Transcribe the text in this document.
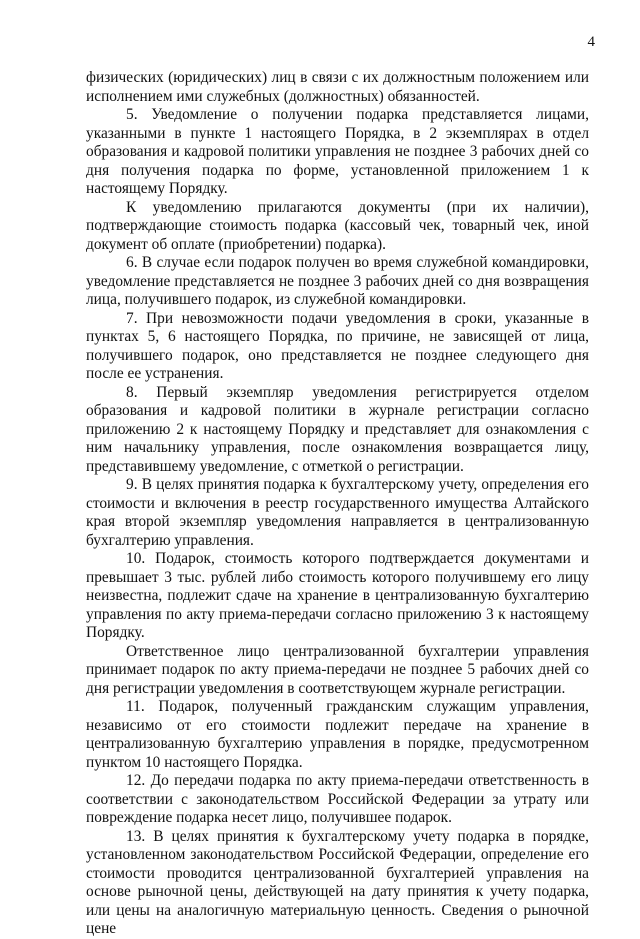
4

физических (юридических) лиц в связи с их должностным положением или исполнением ими служебных (должностных) обязанностей.

5. Уведомление о получении подарка представляется лицами, указанными в пункте 1 настоящего Порядка, в 2 экземплярах в отдел образования и кадровой политики управления не позднее 3 рабочих дней со дня получения подарка по форме, установленной приложением 1 к настоящему Порядку.

К уведомлению прилагаются документы (при их наличии), подтверждающие стоимость подарка (кассовый чек, товарный чек, иной документ об оплате (приобретении) подарка).

6. В случае если подарок получен во время служебной командировки, уведомление представляется не позднее 3 рабочих дней со дня возвращения лица, получившего подарок, из служебной командировки.

7. При невозможности подачи уведомления в сроки, указанные в пунктах 5, 6 настоящего Порядка, по причине, не зависящей от лица, получившего подарок, оно представляется не позднее следующего дня после ее устранения.

8. Первый экземпляр уведомления регистрируется отделом образования и кадровой политики в журнале регистрации согласно приложению 2 к настоящему Порядку и представляет для ознакомления с ним начальнику управления, после ознакомления возвращается лицу, представившему уведомление, с отметкой о регистрации.

9. В целях принятия подарка к бухгалтерскому учету, определения его стоимости и включения в реестр государственного имущества Алтайского края второй экземпляр уведомления направляется в централизованную бухгалтерию управления.

10. Подарок, стоимость которого подтверждается документами и превышает 3 тыс. рублей либо стоимость которого получившему его лицу неизвестна, подлежит сдаче на хранение в централизованную бухгалтерию управления по акту приема-передачи согласно приложению 3 к настоящему Порядку.

Ответственное лицо централизованной бухгалтерии управления принимает подарок по акту приема-передачи не позднее 5 рабочих дней со дня регистрации уведомления в соответствующем журнале регистрации.

11. Подарок, полученный гражданским служащим управления, независимо от его стоимости подлежит передаче на хранение в централизованную бухгалтерию управления в порядке, предусмотренном пунктом 10 настоящего Порядка.

12. До передачи подарка по акту приема-передачи ответственность в соответствии с законодательством Российской Федерации за утрату или повреждение подарка несет лицо, получившее подарок.

13. В целях принятия к бухгалтерскому учету подарка в порядке, установленном законодательством Российской Федерации, определение его стоимости проводится централизованной бухгалтерией управления на основе рыночной цены, действующей на дату принятия к учету подарка, или цены на аналогичную материальную ценность. Сведения о рыночной цене
